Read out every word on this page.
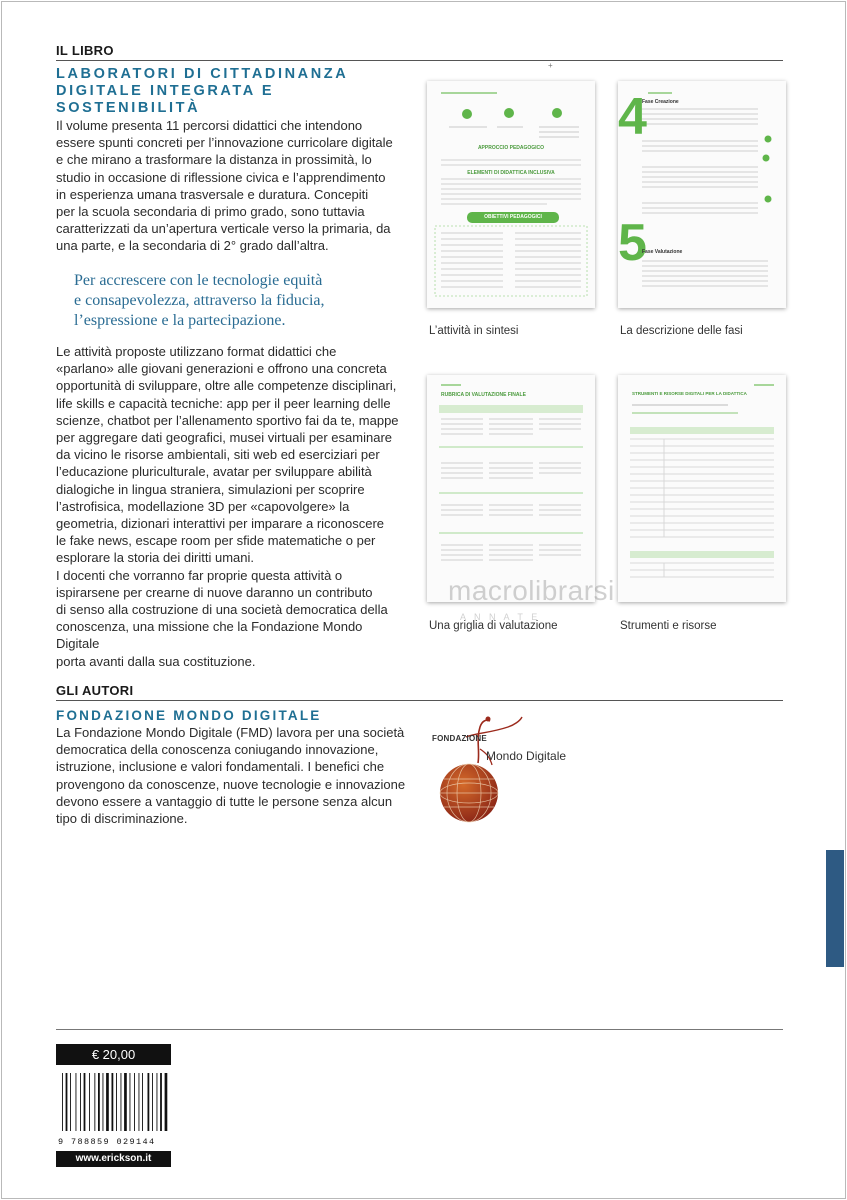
IL LIBRO
+
LABORATORI DI CITTADINANZA
DIGITALE INTEGRATA E
SOSTENIBILITÀ
Il volume presenta 11 percorsi didattici che intendono
essere spunti concreti per l’innovazione curricolare digitale
e che mirano a trasformare la distanza in prossimità, lo
studio in occasione di riflessione civica e l’apprendimento
in esperienza umana trasversale e duratura. Concepiti
per la scuola secondaria di primo grado, sono tuttavia
caratterizzati da un’apertura verticale verso la primaria, da
una parte, e la secondaria di 2° grado dall’altra.
Per accrescere con le tecnologie equità
e consapevolezza, attraverso la fiducia,
l’espressione e la partecipazione.
Le attività proposte utilizzano format didattici che
«parlano» alle giovani generazioni e offrono una concreta
opportunità di sviluppare, oltre alle competenze disciplinari,
life skills e capacità tecniche: app per il peer learning delle
scienze, chatbot per l’allenamento sportivo fai da te, mappe
per aggregare dati geografici, musei virtuali per esaminare
da vicino le risorse ambientali, siti web ed eserciziari per
l’educazione pluriculturale, avatar per sviluppare abilità
dialogiche in lingua straniera, simulazioni per scoprire
l’astrofisica, modellazione 3D per «capovolgere» la
geometria, dizionari interattivi per imparare a riconoscere
le fake news, escape room per sfide matematiche o per
esplorare la storia dei diritti umani.
I docenti che vorranno far proprie questa attività o
ispirarsene per crearne di nuove daranno un contributo
di senso alla costruzione di una società democratica della
conoscenza, una missione che la Fondazione Mondo Digitale
porta avanti dalla sua costituzione.
APPROCCIO PEDAGOGICO
ELEMENTI DI DIDATTICA INCLUSIVA
OBIETTIVI PEDAGOGICI
L’attività in sintesi
4
5
Fase Creazione
Fase Valutazione
La descrizione delle fasi
RUBRICA DI VALUTAZIONE FINALE
Una griglia di valutazione
STRUMENTI E RISORSE DIGITALI PER LA DIDATTICA
Strumenti e risorse
macrolibrarsi
A N N A T E
GLI AUTORI
FONDAZIONE MONDO DIGITALE
La Fondazione Mondo Digitale (FMD) lavora per una società
democratica della conoscenza coniugando innovazione,
istruzione, inclusione e valori fondamentali. I benefici che
provengono da conoscenze, nuove tecnologie e innovazione
devono essere a vantaggio di tutte le persone senza alcun
tipo di discriminazione.
FONDAZIONE
Mondo Digitale
€ 20,00
9 788859 029144
www.erickson.it
